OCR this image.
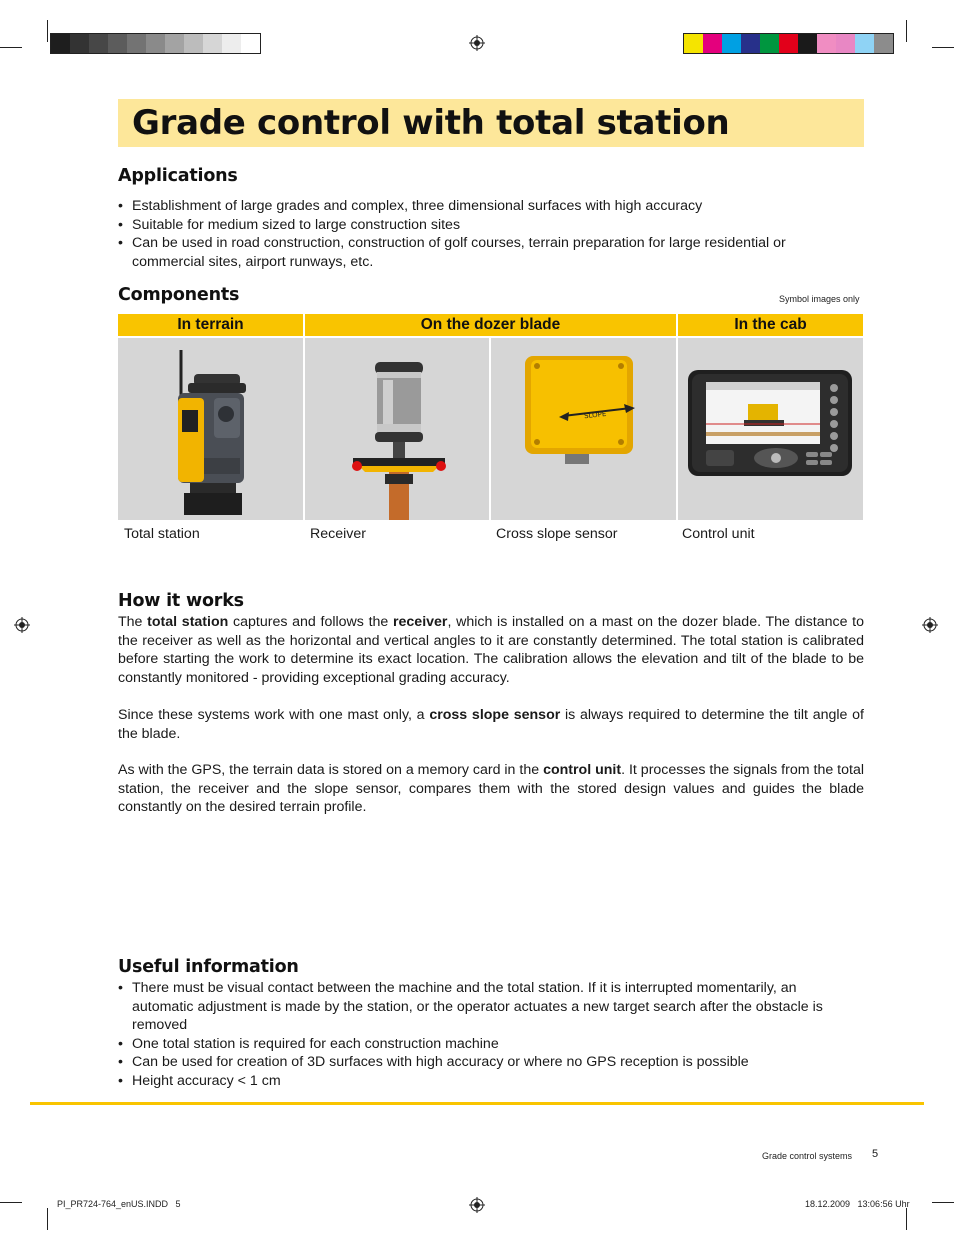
Grade control with total station
Applications
• Establishment of large grades and complex, three dimensional surfaces with high accuracy
• Suitable for medium sized to large construction sites
• Can be used in road construction, construction of golf courses, terrain preparation for large residential or commercial sites, airport runways, etc.
Components	Symbol images only
In terrain	On the dozer blade	In the cab
SLOPE
Total station	Receiver	Cross slope sensor	Control unit
How it works

The total station captures and follows the receiver, which is installed on a mast on the dozer blade. The distance to the receiver as well as the horizontal and vertical angles to it are constantly determined. The total station is calibrated before starting the work to determine its exact location. The calibration allows the elevation and tilt of the blade to be constantly monitored - providing exceptional grading accuracy.

Since these systems work with one mast only, a cross slope sensor is always required to determine the tilt angle of the blade.

As with the GPS, the terrain data is stored on a memory card in the control unit. It processes the signals from the total station, the receiver and the slope sensor, compares them with the stored design values and guides the blade constantly on the desired terrain profile.

Useful information
• There must be visual contact between the machine and the total station. If it is interrupted momentarily, an automatic adjustment is made by the station, or the operator actuates a new target search after the obstacle is removed
• One total station is required for each construction machine
• Can be used for creation of 3D surfaces with high accuracy or where no GPS reception is possible
• Height accuracy < 1 cm
Grade control systems 5
PI_PR724-764_enUS.INDD   5	18.12.2009   13:06:56 Uhr
